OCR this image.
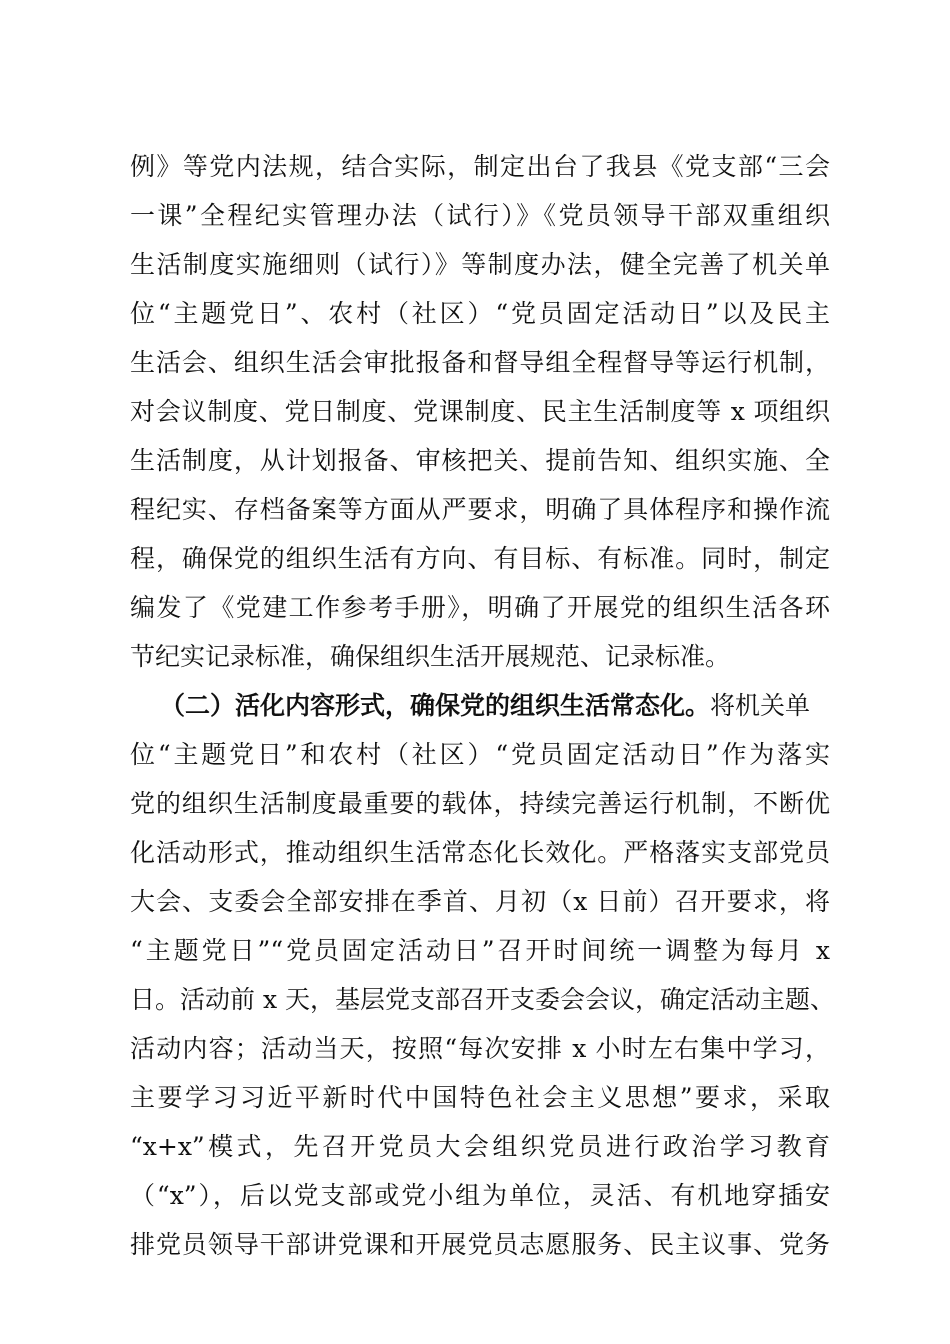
例》等党内法规，结合实际，制定出台了我县《党支部“三会
一课”全程纪实管理办法（试行）》《党员领导干部双重组织
生活制度实施细则（试行）》等制度办法，健全完善了机关单
位“主题党日”、农村（社区）“党员固定活动日”以及民主
生活会、组织生活会审批报备和督导组全程督导等运行机制，
对会议制度、党日制度、党课制度、民主生活制度等 x 项组织
生活制度，从计划报备、审核把关、提前告知、组织实施、全
程纪实、存档备案等方面从严要求，明确了具体程序和操作流
程，确保党的组织生活有方向、有目标、有标准。同时，制定
编发了《党建工作参考手册》，明确了开展党的组织生活各环
节纪实记录标准，确保组织生活开展规范、记录标准。
（二）活化内容形式，确保党的组织生活常态化。将机关单
位“主题党日”和农村（社区）“党员固定活动日”作为落实
党的组织生活制度最重要的载体，持续完善运行机制，不断优
化活动形式，推动组织生活常态化长效化。严格落实支部党员
大会、支委会全部安排在季首、月初（x 日前）召开要求，将
“主题党日”“党员固定活动日”召开时间统一调整为每月 x
日。活动前 x 天，基层党支部召开支委会会议，确定活动主题、
活动内容；活动当天，按照“每次安排 x 小时左右集中学习，
主要学习习近平新时代中国特色社会主义思想”要求，采取
“x+x”模式，先召开党员大会组织党员进行政治学习教育
（“x”），后以党支部或党小组为单位，灵活、有机地穿插安
排党员领导干部讲党课和开展党员志愿服务、民主议事、党务
